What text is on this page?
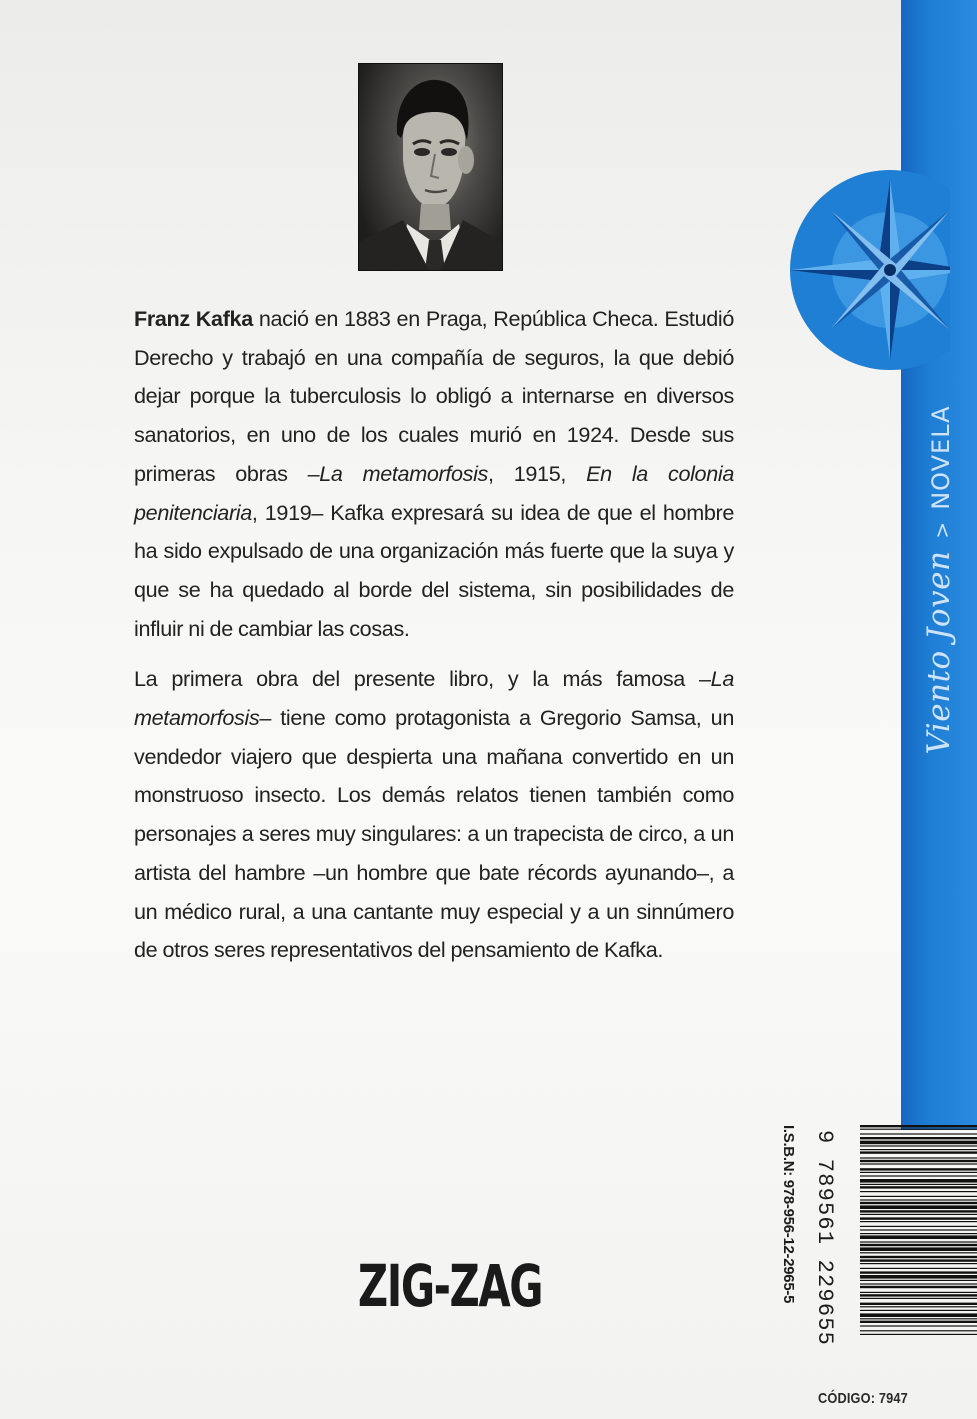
Franz Kafka nació en 1883 en Praga, República Checa. Estudió Derecho y trabajó en una compañía de seguros, la que debió dejar porque la tuberculosis lo obligó a internarse en diversos sanatorios, en uno de los cuales murió en 1924. Desde sus primeras obras –La metamorfosis, 1915, En la colonia penitenciaria, 1919– Kafka expresará su idea de que el hombre ha sido expulsado de una organización más fuerte que la suya y que se ha quedado al borde del sistema, sin posibilidades de influir ni de cambiar las cosas.

La primera obra del presente libro, y la más famosa –La metamorfosis– tiene como protagonista a Gregorio Samsa, un vendedor viajero que despierta una mañana convertido en un monstruoso insecto. Los demás relatos tienen también como personajes a seres muy singulares: a un trapecista de circo, a un artista del hambre –un hombre que bate récords ayunando–, a un médico rural, a una cantante muy especial y a un sinnúmero de otros seres representativos del pensamiento de Kafka.

ZIG-ZAG
Viento Joven>NOVELA
I.S.B.N: 978-956-12-2965-5 9 789561 229655
CÓDIGO: 7947
